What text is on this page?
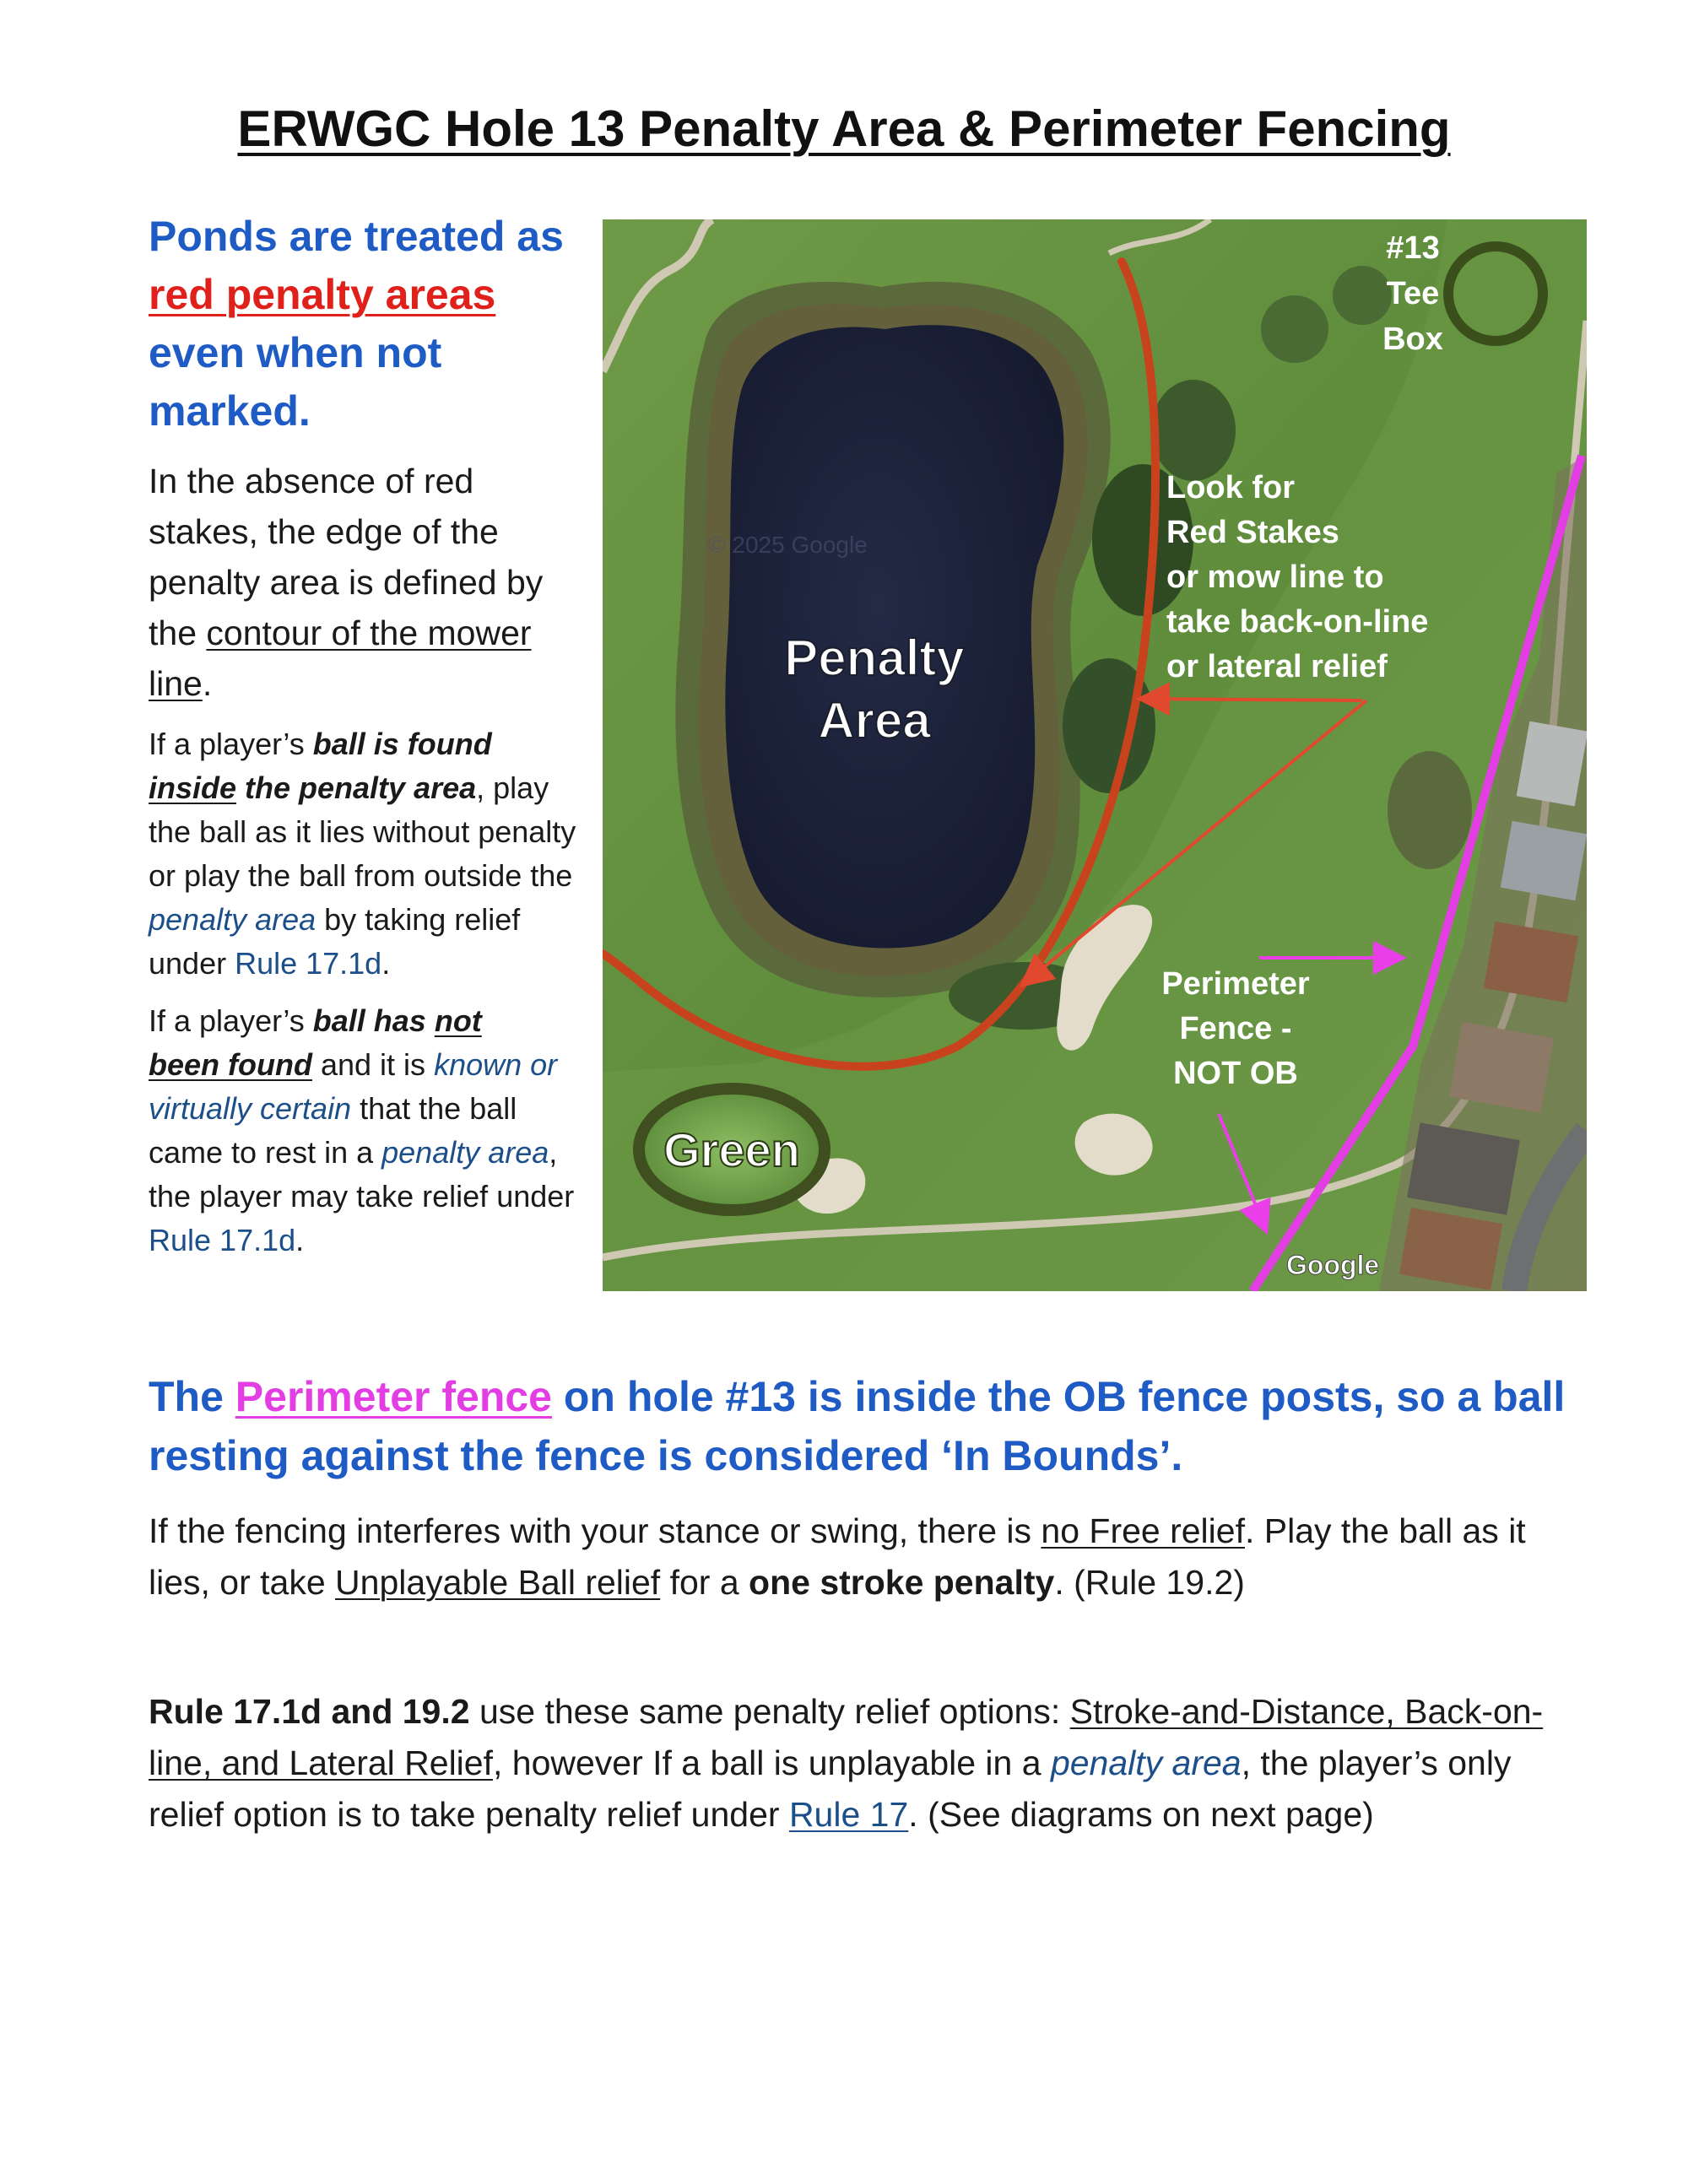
ERWGC Hole 13 Penalty Area & Perimeter Fencing
Ponds are treated as red penalty areas even when not marked.
In the absence of red stakes, the edge of the penalty area is defined by the contour of the mower line.
If a player’s ball is found
inside the penalty area, play the ball as it lies without penalty or play the ball from outside the penalty area by taking relief under Rule 17.1d.
If a player’s ball has not
been found and it is known or virtually certain that the ball came to rest in a penalty area, the player may take relief under Rule 17.1d.
#13
Tee
Box
© 2025 Google
Penalty
Area
Look for
Red Stakes
or mow line to
take back-on-line
or lateral relief
Perimeter
Fence -
NOT OB
Green
Google
The Perimeter fence on hole #13 is inside the OB fence posts, so a ball resting against the fence is considered ‘In Bounds’.
If the fencing interferes with your stance or swing, there is no Free relief. Play the ball as it lies, or take Unplayable Ball relief for a one stroke penalty. (Rule 19.2)
Rule 17.1d and 19.2 use these same penalty relief options: Stroke-and-Distance, Back-on-line, and Lateral Relief, however If a ball is unplayable in a penalty area, the player’s only relief option is to take penalty relief under Rule 17. (See diagrams on next page)
